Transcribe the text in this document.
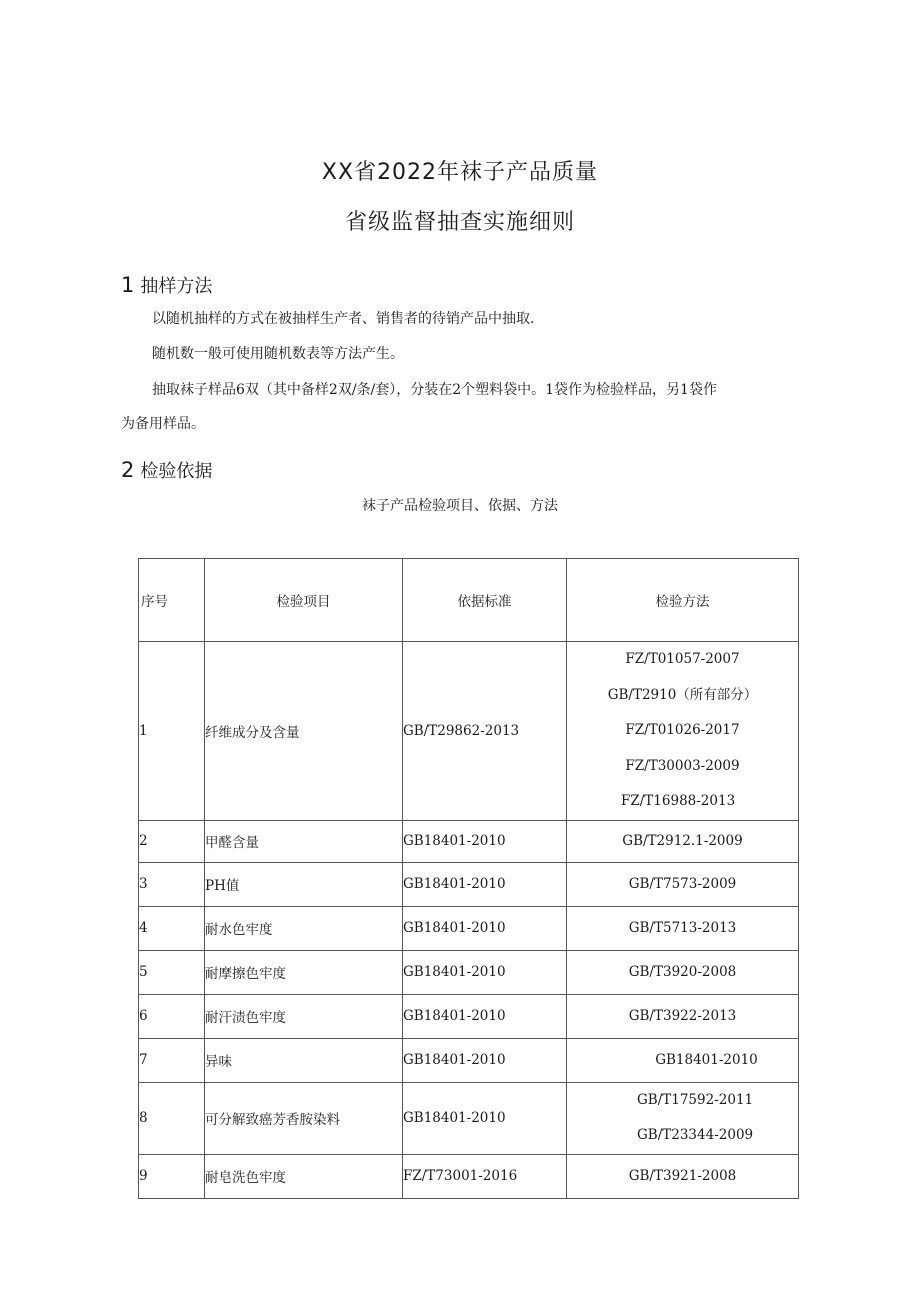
XX省2022年袜子产品质量
省级监督抽查实施细则
1 抽样方法
以随机抽样的方式在被抽样生产者、销售者的待销产品中抽取.
随机数一般可使用随机数表等方法产生。
抽取袜子样品6双（其中备样2双/条/套），分装在2个塑料袋中。1袋作为检验样品，另1袋作
为备用样品。
2 检验依据
袜子产品检验项目、依据、方法
序号	检验项目	依据标准	检验方法
1	纤维成分及含量	GB/T29862-2013	FZ/T01057-2007
GB/T2910（所有部分）
FZ/T01026-2017
FZ/T30003-2009
FZ/T16988-2013

2	甲醛含量	GB18401-2010	GB/T2912.1-2009
3	PH值	GB18401-2010	GB/T7573-2009
4	耐水色牢度	GB18401-2010	GB/T5713-2013
5	耐摩擦色牢度	GB18401-2010	GB/T3920-2008
6	耐汗渍色牢度	GB18401-2010	GB/T3922-2013
7	异味	GB18401-2010	GB18401-2010
8	可分解致癌芳香胺染料	GB18401-2010	GB/T17592-2011
GB/T23344-2009

9	耐皂洗色牢度	FZ/T73001-2016	GB/T3921-2008
